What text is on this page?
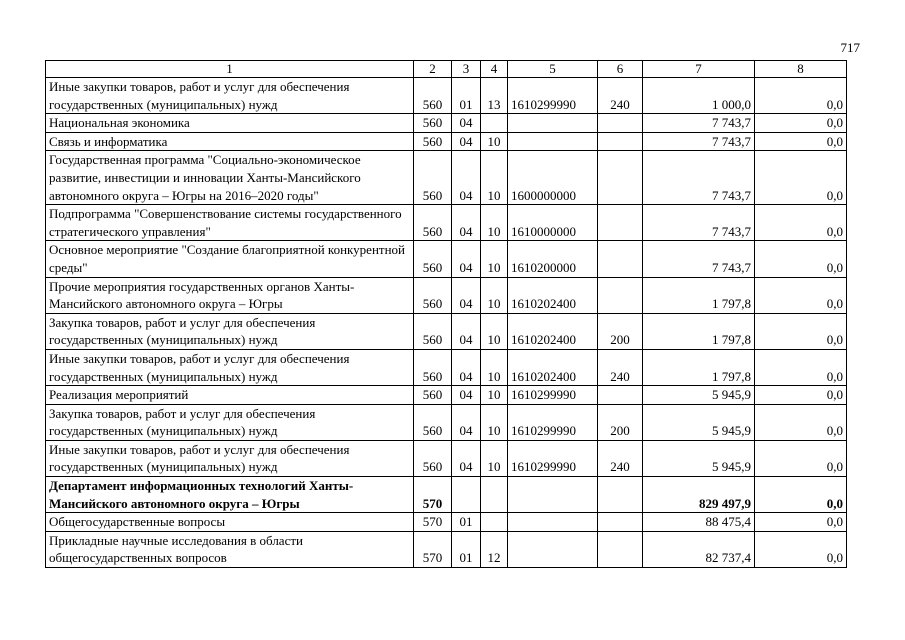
717
1	2	3	4	5	6	7	8
Иные закупки товаров, работ и услуг для обеспечения государственных (муниципальных) нужд	560	01	13	1610299990	240	1 000,0	0,0
Национальная экономика	560	04				7 743,7	0,0
Связь и информатика	560	04	10			7 743,7	0,0
Государственная программа "Социально-экономическое развитие, инвестиции и инновации Ханты-Мансийского автономного округа – Югры на 2016–2020 годы"	560	04	10	1600000000		7 743,7	0,0
Подпрограмма "Совершенствование системы государственного стратегического управления"	560	04	10	1610000000		7 743,7	0,0
Основное мероприятие "Создание благоприятной конкурентной среды"	560	04	10	1610200000		7 743,7	0,0
Прочие мероприятия государственных органов Ханты-Мансийского автономного округа – Югры	560	04	10	1610202400		1 797,8	0,0
Закупка товаров, работ и услуг для обеспечения государственных (муниципальных) нужд	560	04	10	1610202400	200	1 797,8	0,0
Иные закупки товаров, работ и услуг для обеспечения государственных (муниципальных) нужд	560	04	10	1610202400	240	1 797,8	0,0
Реализация мероприятий	560	04	10	1610299990		5 945,9	0,0
Закупка товаров, работ и услуг для обеспечения государственных (муниципальных) нужд	560	04	10	1610299990	200	5 945,9	0,0
Иные закупки товаров, работ и услуг для обеспечения государственных (муниципальных) нужд	560	04	10	1610299990	240	5 945,9	0,0
Департамент информационных технологий Ханты-Мансийского автономного округа – Югры	570					829 497,9	0,0
Общегосударственные вопросы	570	01				88 475,4	0,0
Прикладные научные исследования в области общегосударственных вопросов	570	01	12			82 737,4	0,0
